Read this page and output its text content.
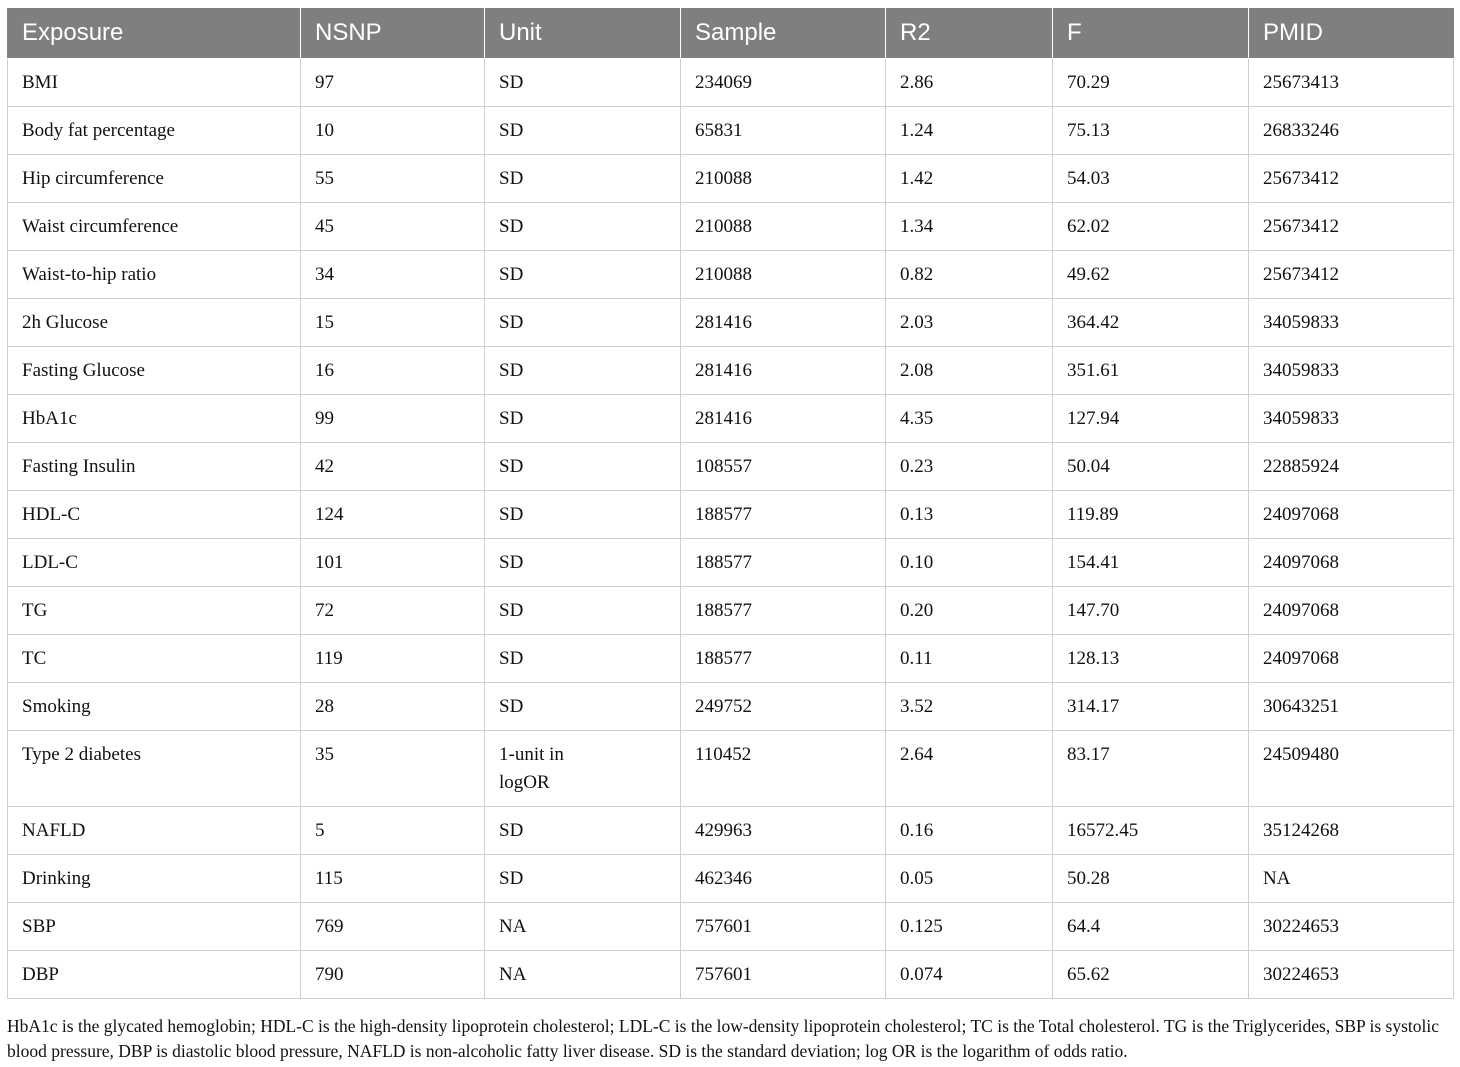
Exposure	NSNP	Unit	Sample	R2	F	PMID
BMI	97	SD	234069	2.86	70.29	25673413
Body fat percentage	10	SD	65831	1.24	75.13	26833246
Hip circumference	55	SD	210088	1.42	54.03	25673412
Waist circumference	45	SD	210088	1.34	62.02	25673412
Waist-to-hip ratio	34	SD	210088	0.82	49.62	25673412
2h Glucose	15	SD	281416	2.03	364.42	34059833
Fasting Glucose	16	SD	281416	2.08	351.61	34059833
HbA1c	99	SD	281416	4.35	127.94	34059833
Fasting Insulin	42	SD	108557	0.23	50.04	22885924
HDL-C	124	SD	188577	0.13	119.89	24097068
LDL-C	101	SD	188577	0.10	154.41	24097068
TG	72	SD	188577	0.20	147.70	24097068
TC	119	SD	188577	0.11	128.13	24097068
Smoking	28	SD	249752	3.52	314.17	30643251
Type 2 diabetes	35	1-unit in logOR	110452	2.64	83.17	24509480
NAFLD	5	SD	429963	0.16	16572.45	35124268
Drinking	115	SD	462346	0.05	50.28	NA
SBP	769	NA	757601	0.125	64.4	30224653
DBP	790	NA	757601	0.074	65.62	30224653
HbA1c is the glycated hemoglobin; HDL-C is the high-density lipoprotein cholesterol; LDL-C is the low-density lipoprotein cholesterol; TC is the Total cholesterol. TG is the Triglycerides, SBP is systolic blood pressure, DBP is diastolic blood pressure, NAFLD is non-alcoholic fatty liver disease. SD is the standard deviation; log OR is the logarithm of odds ratio.
